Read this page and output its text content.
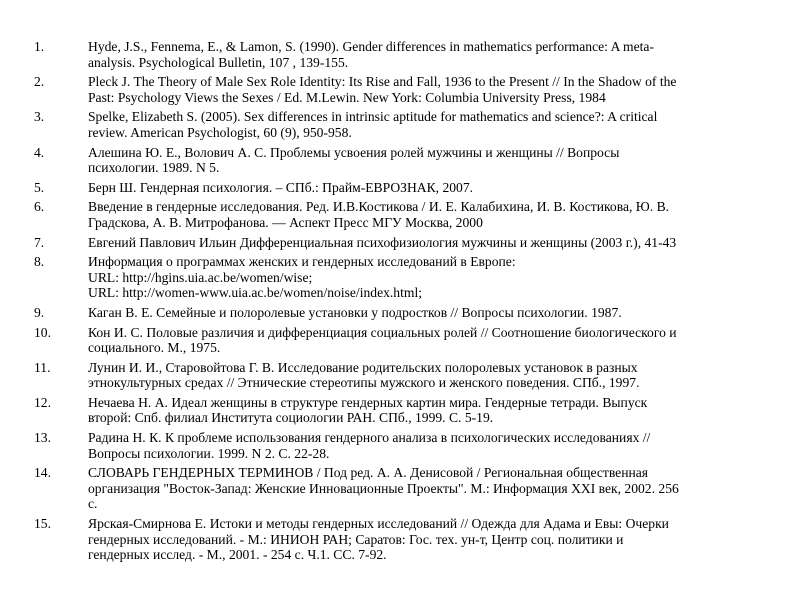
1.	Hyde, J.S., Fennema, E., & Lamon, S. (1990). Gender differences in mathematics performance: A meta-
analysis. Psychological Bulletin, 107 , 139-155.
2.	Pleck J. The Theory of Male Sex Role Identity: Its Rise and Fall, 1936 to the Present // In the Shadow of the
Past: Psychology Views the Sexes / Ed. M.Lewin. New York: Columbia University Press, 1984
3.	Spelke, Elizabeth S. (2005). Sex differences in intrinsic aptitude for mathematics and science?: A critical
review. American Psychologist, 60 (9), 950-958.
4.	Алешина Ю. Е., Волович А. С. Проблемы усвоения ролей мужчины и женщины // Вопросы
психологии. 1989. N 5.
5.	Берн Ш. Гендерная психология. – СПб.: Прайм-ЕВРОЗНАК, 2007.
6.	Введение в гендерные исследования. Ред. И.В.Костикова / И. Е. Калабихина, И. В. Костикова, Ю. В.
Градскова, А. В. Митрофанова. — Аспект Пресс МГУ Москва, 2000
7.	Евгений Павлович Ильин Дифференциальная психофизиология мужчины и женщины (2003 г.), 41-43
8.	Информация о программах женских и гендерных исследований в Европе:
URL: http://hgins.uia.ac.be/women/wise;
URL: http://women-www.uia.ac.be/women/noise/index.html;
9.	Каган В. Е. Семейные и полоролевые установки у подростков // Вопросы психологии. 1987.
10.	Кон И. С. Половые различия и дифференциация социальных ролей // Соотношение биологического и
социального. М., 1975.
11.	Лунин И. И., Старовойтова Г. В. Исследование родительских полоролевых установок в разных
этнокультурных средах // Этнические стереотипы мужского и женского поведения. СПб., 1997.
12.	Нечаева Н. А. Идеал женщины в структуре гендерных картин мира. Гендерные тетради. Выпуск
второй: Спб. филиал Института социологии РАН. СПб., 1999. С. 5-19.
13.	Радина Н. К. К проблеме использования гендерного анализа в психологических исследованиях //
Вопросы психологии. 1999. N 2. С. 22-28.
14.	СЛОВАРЬ ГЕНДЕРНЫХ ТЕРМИНОВ / Под ред. А. А. Денисовой / Региональная общественная
организация "Восток-Запад: Женские Инновационные Проекты". М.: Информация XXI век, 2002. 256
с.
15.	Ярская-Смирнова Е. Истоки и методы гендерных исследований // Одежда для Адама и Евы: Очерки
гендерных исследований. - М.: ИНИОН РАН; Саратов: Гос. тех. ун-т, Центр соц. политики и
гендерных исслед. - М., 2001. - 254 с. Ч.1. СС. 7-92.
